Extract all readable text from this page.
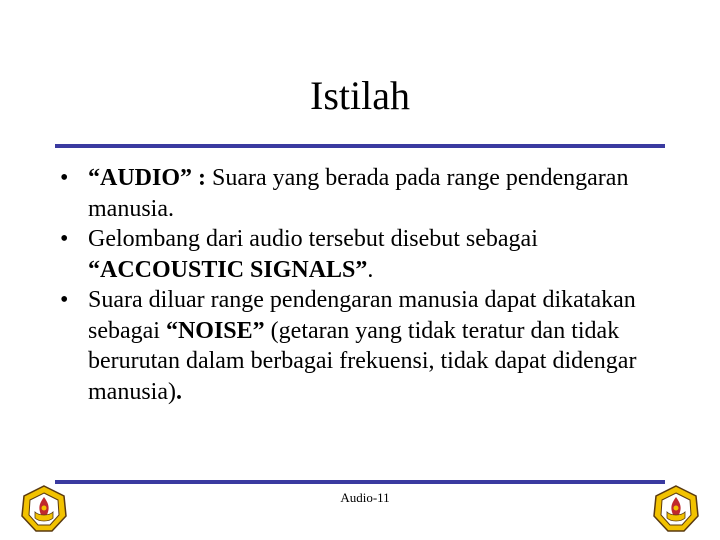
Istilah
• “AUDIO” : Suara yang berada pada range pendengaran manusia.
• Gelombang dari audio tersebut disebut sebagai “ACCOUSTIC SIGNALS”.
• Suara diluar range pendengaran manusia dapat dikatakan sebagai “NOISE” (getaran yang tidak teratur dan tidak berurutan dalam berbagai frekuensi, tidak dapat didengar manusia).
Audio-11
